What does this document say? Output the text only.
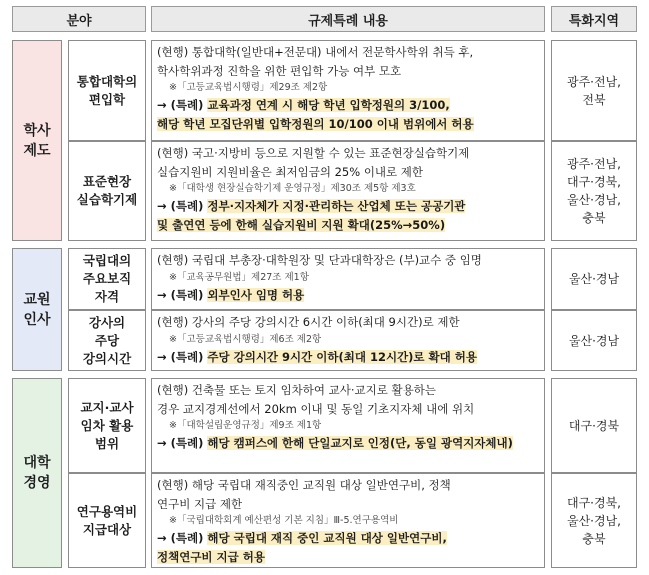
분야	규제특례 내용	특화지역
학사
제도
통합대학의
편입학
(현행) 통합대학(일반대+전문대) 내에서 전문학사학위 취득 후,
학사학위과정 진학을 위한 편입학 가능 여부 모호
※「고등교육법시행령」제29조 제2항
→ (특례) 교육과정 연계 시 해당 학년 입학정원의 3/100,
해당 학년 모집단위별 입학정원의 10/100 이내 범위에서 허용
광주·전남,
전북
표준현장
실습학기제
(현행) 국고·지방비 등으로 지원할 수 있는 표준현장실습학기제
실습지원비 지원비율은 최저임금의 25% 이내로 제한
※「대학생 현장실습학기제 운영규정」제30조 제5항 제3호
→ (특례) 정부·지자체가 지정·관리하는 산업체 또는 공공기관
및 출연연 등에 한해 실습지원비 지원 확대(25%→50%)
광주·전남,
대구·경북,
울산·경남,
충북
교원
인사
국립대의
주요보직
자격
(현행) 국립대 부총장·대학원장 및 단과대학장은 (부)교수 중 임명
※「교육공무원법」제27조 제1항
→ (특례) 외부인사 임명 허용
울산·경남
강사의
주당
강의시간
(현행) 강사의 주당 강의시간 6시간 이하(최대 9시간)로 제한
※「고등교육법시행령」제6조 제2항
→ (특례) 주당 강의시간 9시간 이하(최대 12시간)로 확대 허용
울산·경남
대학
경영
교지·교사
임차 활용
범위
(현행) 건축물 또는 토지 임차하여 교사·교지로 활용하는
경우 교지경계선에서 20km 이내 및 동일 기초지자체 내에 위치
※「대학설립운영규정」제9조 제1항
→ (특례) 해당 캠퍼스에 한해 단일교지로 인정(단, 동일 광역지자체내)
대구·경북
연구용역비
지급대상
(현행) 해당 국립대 재직중인 교직원 대상 일반연구비, 정책
연구비 지급 제한
※「국립대학회계 예산편성 기본 지침」Ⅲ-5.연구용역비
→ (특례) 해당 국립대 재직 중인 교직원 대상 일반연구비,
정책연구비 지급 허용
대구·경북,
울산·경남,
충북
